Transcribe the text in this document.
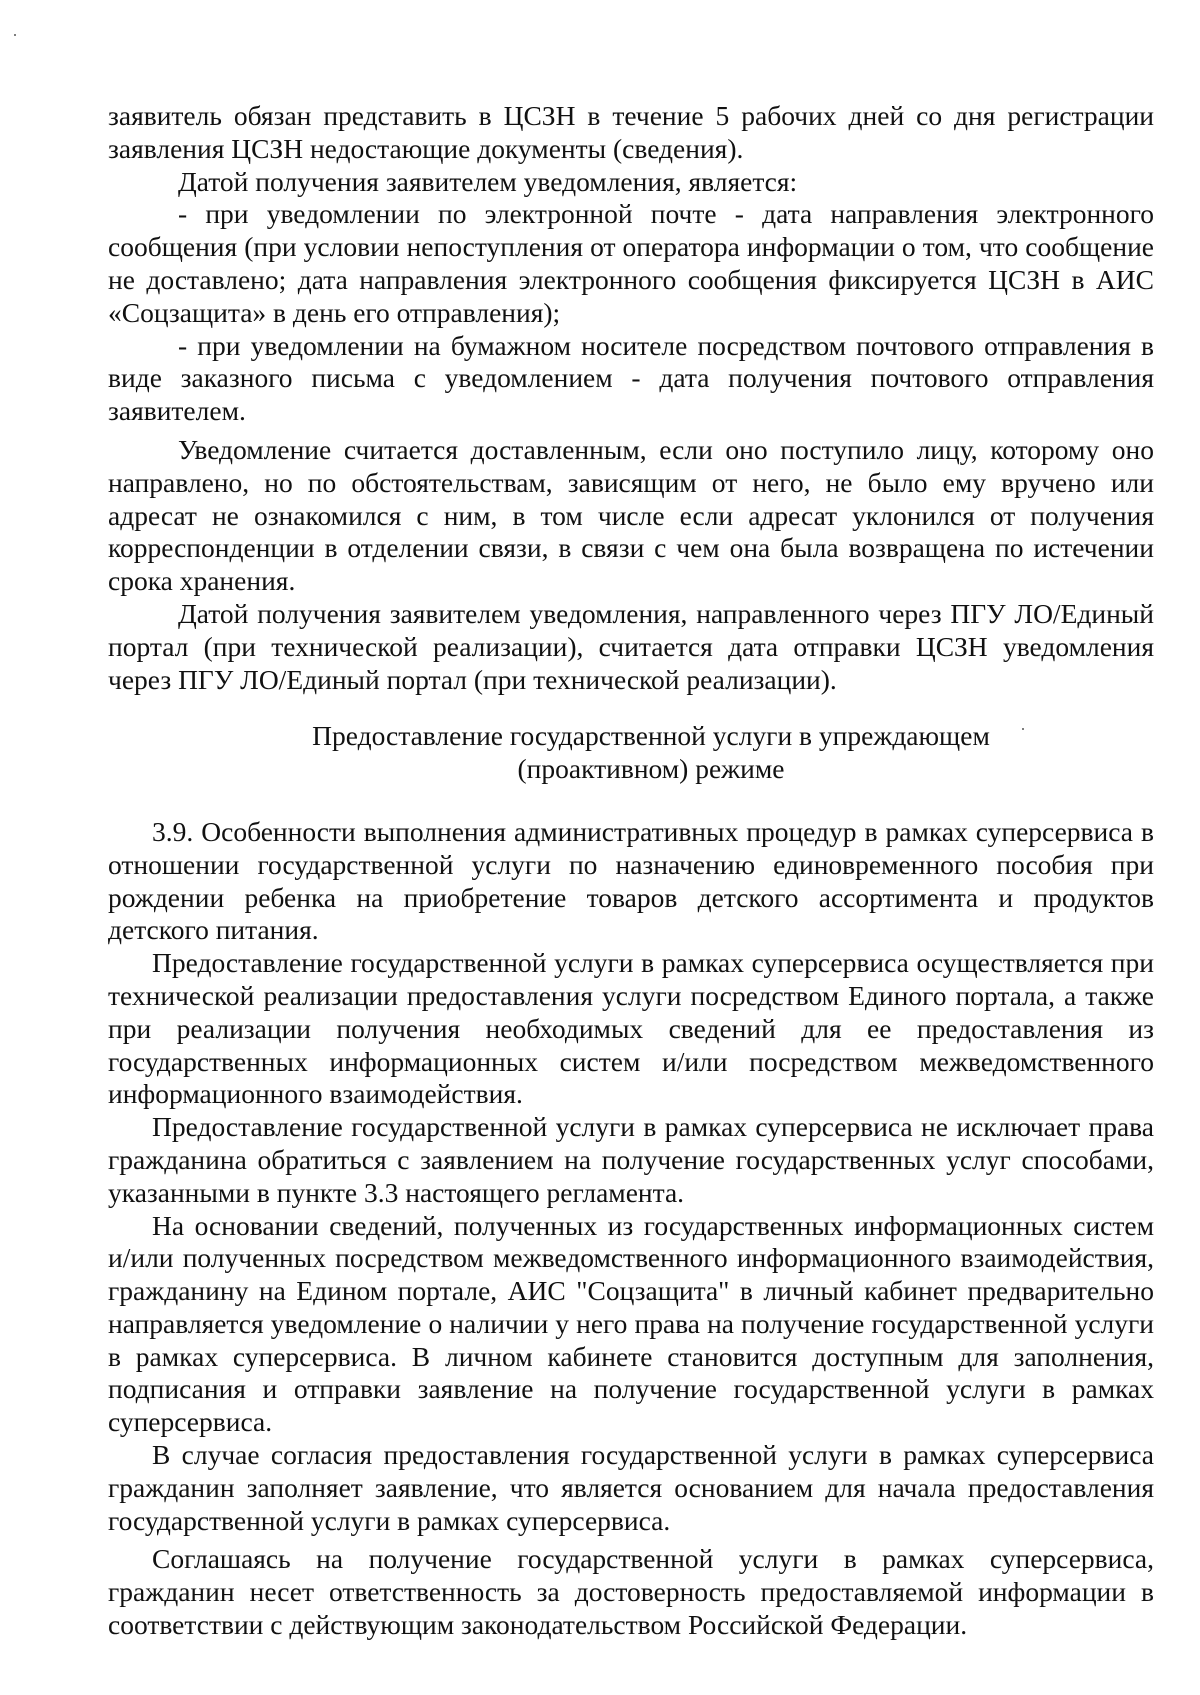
заявитель обязан представить в ЦСЗН в течение 5 рабочих дней со дня регистрации заявления ЦСЗН недостающие документы (сведения).

Датой получения заявителем уведомления, является:

- при уведомлении по электронной почте - дата направления электронного сообщения (при условии непоступления от оператора информации о том, что сообщение не доставлено; дата направления электронного сообщения фиксируется ЦСЗН в АИС «Соцзащита» в день его отправления);

- при уведомлении на бумажном носителе посредством почтового отправления в виде заказного письма с уведомлением - дата получения почтового отправления заявителем.

Уведомление считается доставленным, если оно поступило лицу, которому оно направлено, но по обстоятельствам, зависящим от него, не было ему вручено или адресат не ознакомился с ним, в том числе если адресат уклонился от получения корреспонденции в отделении связи, в связи с чем она была возвращена по истечении срока хранения.

Датой получения заявителем уведомления, направленного через ПГУ ЛО/Единый портал (при технической реализации), считается дата отправки ЦСЗН уведомления через ПГУ ЛО/Единый портал (при технической реализации).

Предоставление государственной услуги в упреждающем

(проактивном) режиме

3.9. Особенности выполнения административных процедур в рамках суперсервиса в отношении государственной услуги по назначению единовременного пособия при рождении ребенка на приобретение товаров детского ассортимента и продуктов детского питания.

Предоставление государственной услуги в рамках суперсервиса осуществляется при технической реализации предоставления услуги посредством Единого портала, а также при реализации получения необходимых сведений для ее предоставления из государственных информационных систем и/или посредством межведомственного информационного взаимодействия.

Предоставление государственной услуги в рамках суперсервиса не исключает права гражданина обратиться с заявлением на получение государственных услуг способами, указанными в пункте 3.3 настоящего регламента.

На основании сведений, полученных из государственных информационных систем и/или полученных посредством межведомственного информационного взаимодействия, гражданину на Едином портале, АИС "Соцзащита" в личный кабинет предварительно направляется уведомление о наличии у него права на получение государственной услуги в рамках суперсервиса. В личном кабинете становится доступным для заполнения, подписания и отправки заявление на получение государственной услуги в рамках суперсервиса.

В случае согласия предоставления государственной услуги в рамках суперсервиса гражданин заполняет заявление, что является основанием для начала предоставления государственной услуги в рамках суперсервиса.

Соглашаясь на получение государственной услуги в рамках суперсервиса, гражданин несет ответственность за достоверность предоставляемой информации в соответствии с действующим законодательством Российской Федерации.
